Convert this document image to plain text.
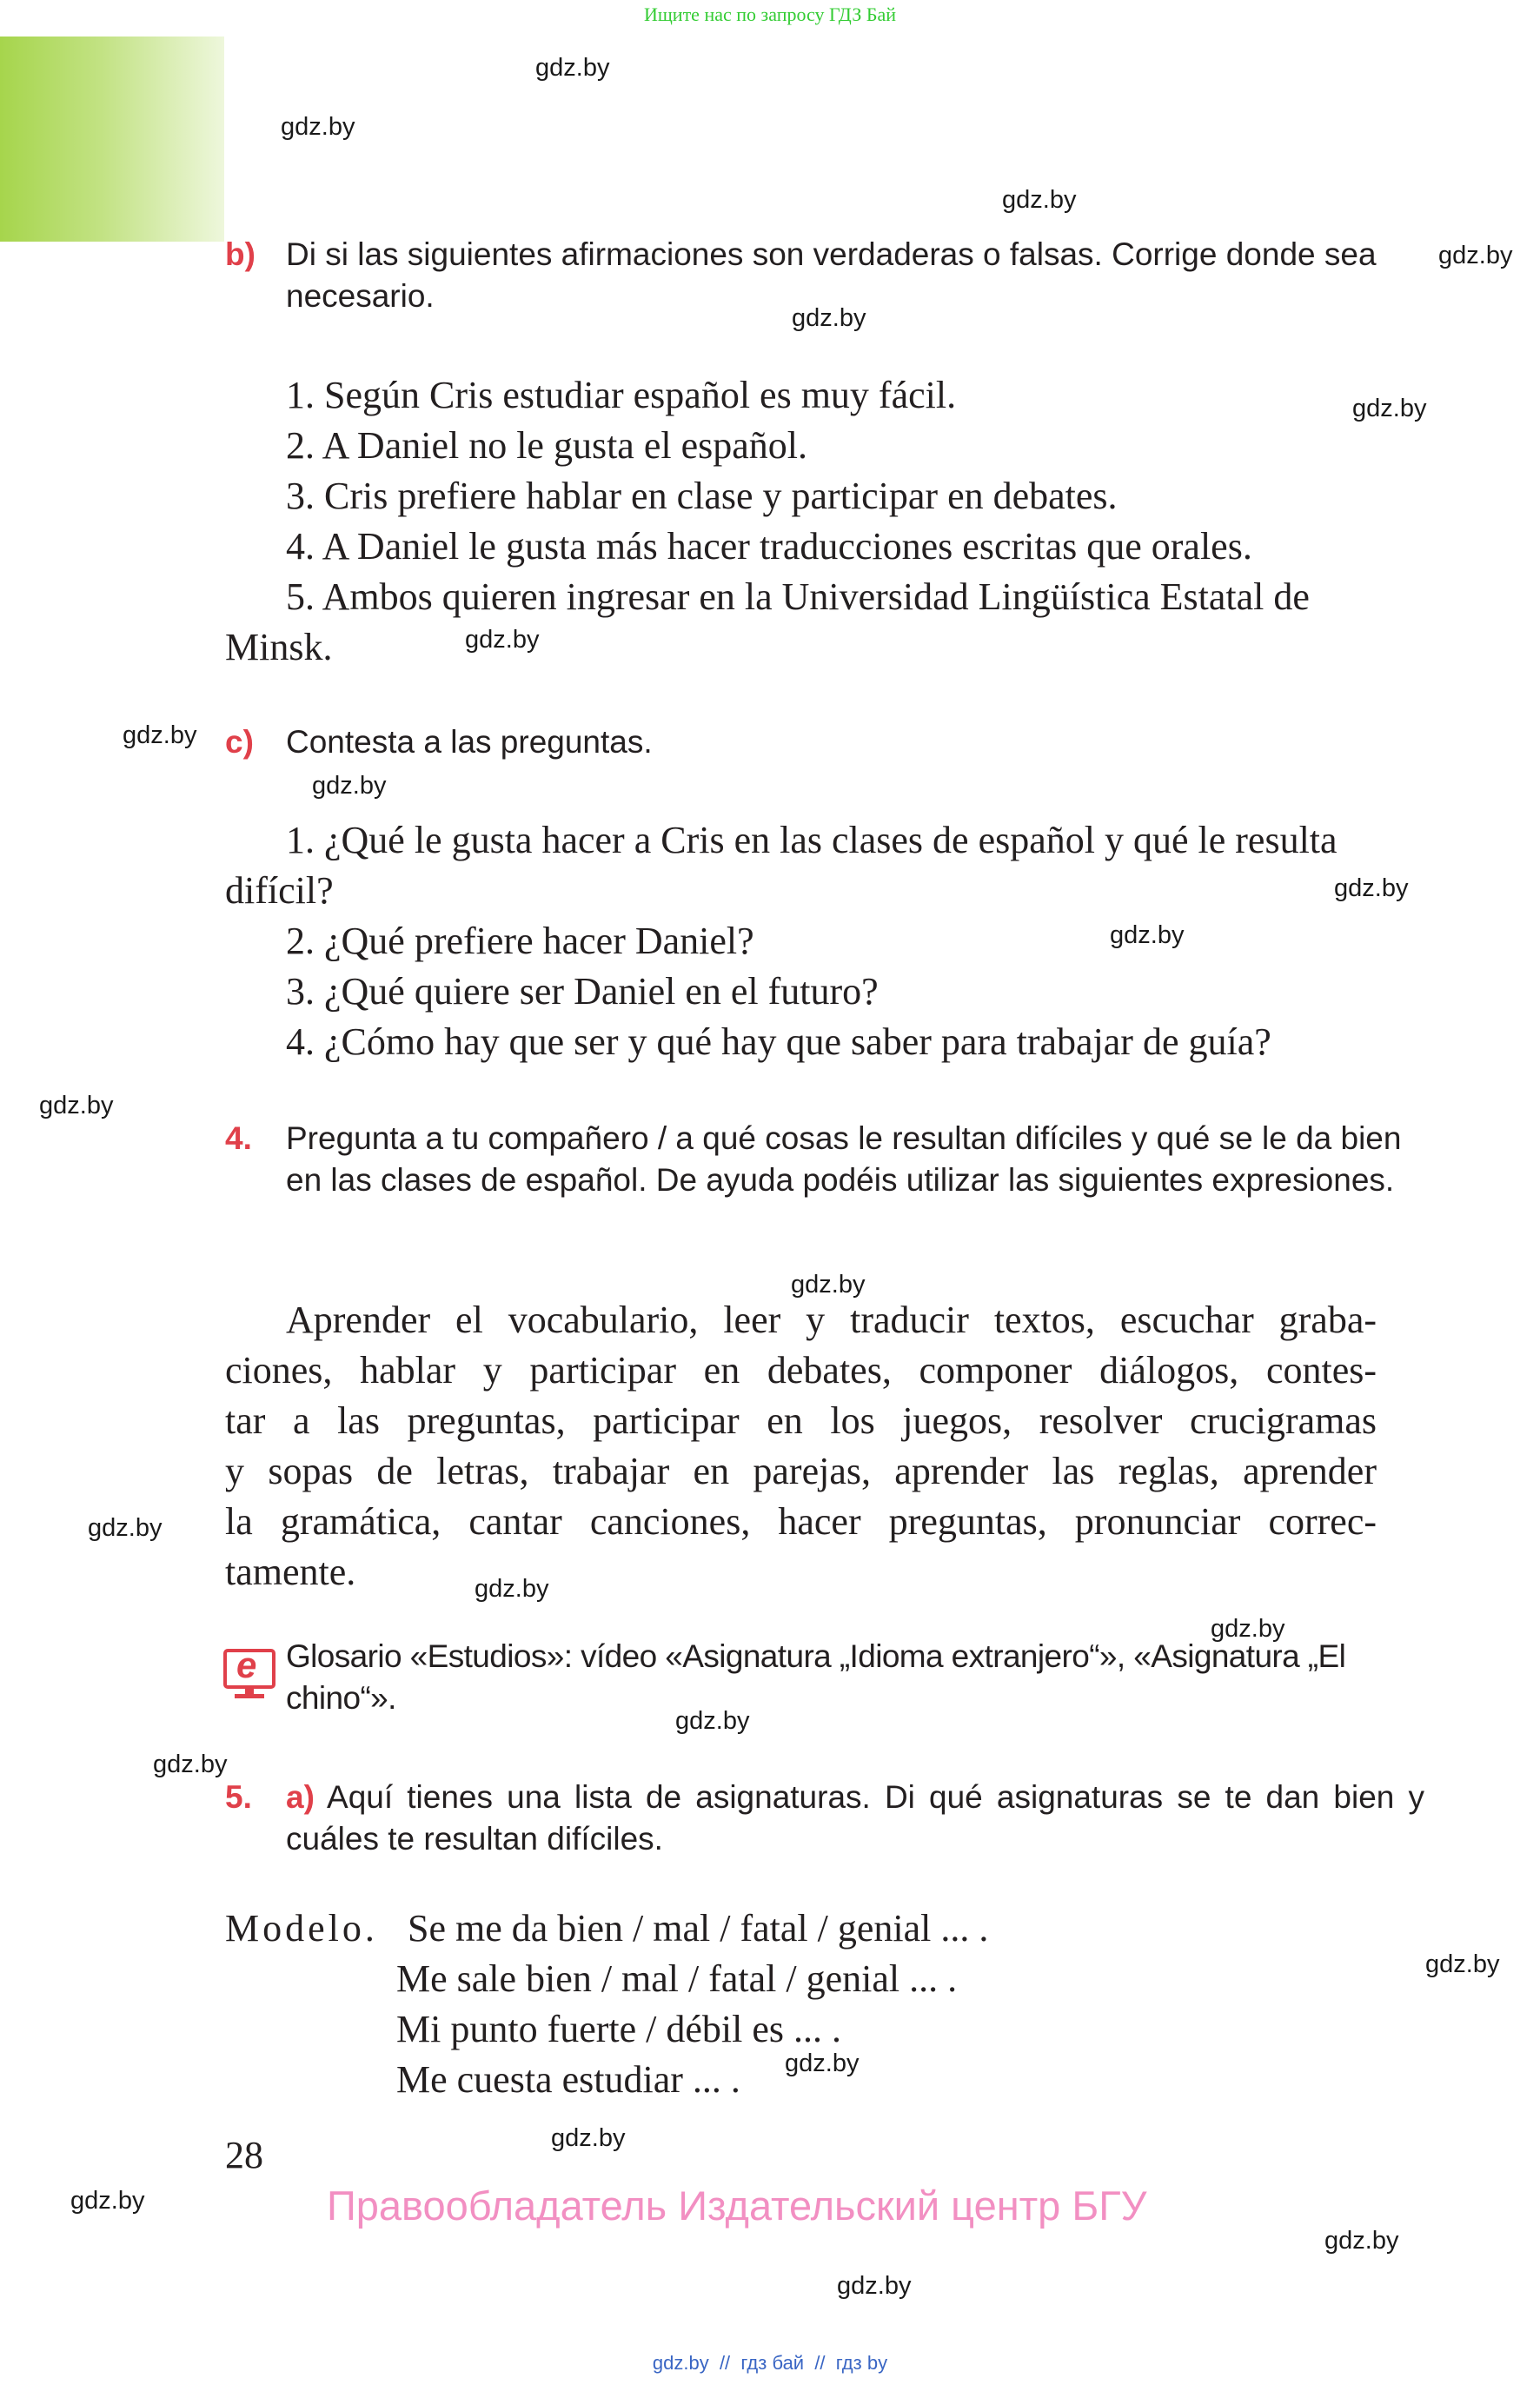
Ищите нас по запросу ГДЗ Бай
gdz.by
gdz.by
gdz.by
gdz.by
gdz.by
gdz.by
gdz.by
gdz.by
gdz.by
gdz.by
gdz.by
gdz.by
gdz.by
gdz.by
gdz.by
gdz.by
gdz.by
gdz.by
gdz.by
gdz.by
gdz.by
gdz.by
gdz.by
gdz.by
b) Di si las siguientes afirmaciones son verdaderas o falsas. Corrige donde sea necesario.
1. Según Cris estudiar español es muy fácil.
2. A Daniel no le gusta el español.
3. Cris prefiere hablar en clase y participar en debates.
4. A Daniel le gusta más hacer traducciones escritas que orales.
5. Ambos quieren ingresar en la Universidad Lingüística Estatal de
Minsk.
c) Contesta a las preguntas.
1. ¿Qué le gusta hacer a Cris en las clases de español y qué le resulta
difícil?
2. ¿Qué prefiere hacer Daniel?
3. ¿Qué quiere ser Daniel en el futuro?
4. ¿Cómo hay que ser y qué hay que saber para trabajar de guía?
4. Pregunta a tu compañero / a qué cosas le resultan difíciles y qué se le da bien en las clases de español. De ayuda podéis utilizar las siguientes expresiones.
Aprender el vocabulario, leer y traducir textos, escuchar graba-
ciones, hablar y participar en debates, componer diálogos, contes-
tar a las preguntas, participar en los juegos, resolver crucigramas
y sopas de letras, trabajar en parejas, aprender las reglas, aprender
la gramática, cantar canciones, hacer preguntas, pronunciar correc-
tamente.
e Glosario «Estudios»: vídeo «Asignatura „Idioma extranjero“», «Asignatura „El chino“».
5. a) Aquí tienes una lista de asignaturas. Di qué asignaturas se te dan bien y cuáles te resultan difíciles.
Modelo. Se me da bien / mal / fatal / genial ... .
Me sale bien / mal / fatal / genial ... .
Mi punto fuerte / débil es ... .
Me cuesta estudiar ... .
28
Правообладатель Издательский центр БГУ
gdz.by  //  гдз бай  //  гдз by
